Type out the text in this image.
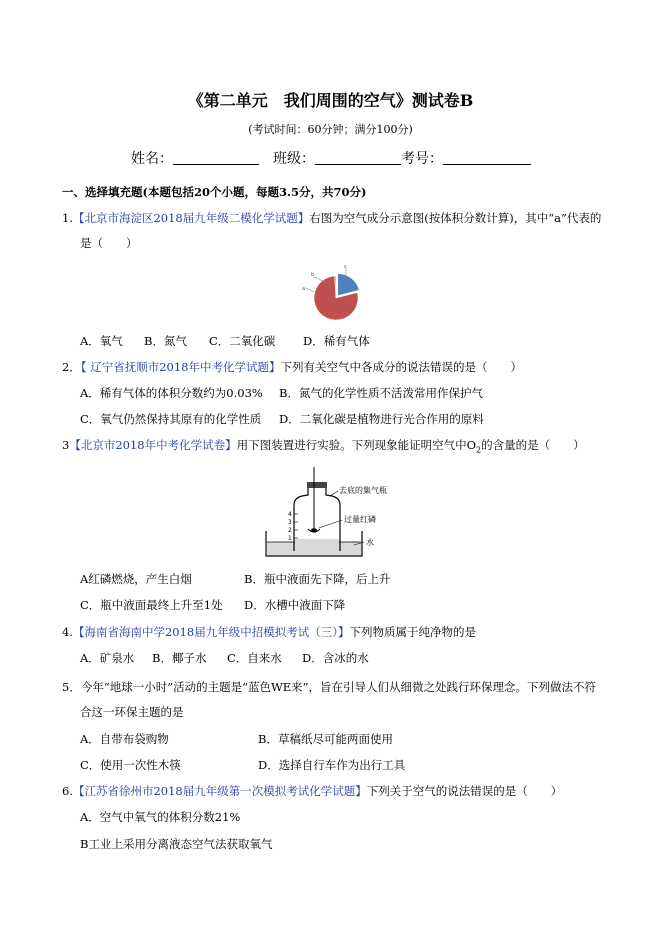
《第二单元　我们周围的空气》测试卷B
(考试时间：60分钟；满分100分)
姓名：	班级：	考号：
一、选择填充题(本题包括20个小题，每题3.5分，共70分)
1.【北京市海淀区2018届九年级二模化学试题】右图为空气成分示意图(按体积分数计算)，其中“a”代表的
是（　　）
a
b
c
A．氧气 B．氮气 C．二氧化碳 D．稀有气体
2．【 辽宁省抚顺市2018年中考化学试题】下列有关空气中各成分的说法错误的是（　　）
A．稀有气体的体积分数约为0.03% B．氮气的化学性质不活泼常用作保护气
C．氧气仍然保持其原有的化学性质 D．二氧化碳是植物进行光合作用的原料
3【北京市2018年中考化学试卷】用下图装置进行实验。下列现象能证明空气中$O_2$的含量的是（　　）
4
3
2
1
去底的集气瓶
过量红磷
水
A红磷燃烧，产生白烟	B．瓶中液面先下降，后上升
C．瓶中液面最终上升至1处 D．水槽中液面下降
4.【海南省海南中学2018届九年级中招模拟考试（三）】下列物质属于纯净物的是
A．矿泉水 B．椰子水 C．自来水 D．含冰的水
5．今年“地球一小时”活动的主题是“蓝色WE来”，旨在引导人们从细微之处践行环保理念。下列做法不符
合这一环保主题的是
A．自带布袋购物	B．草稿纸尽可能两面使用
C．使用一次性木筷	D．选择自行车作为出行工具
6.【江苏省徐州市2018届九年级第一次模拟考试化学试题】下列关于空气的说法错误的是（　　）
A．空气中氧气的体积分数21%
B工业上采用分离液态空气法获取氧气
